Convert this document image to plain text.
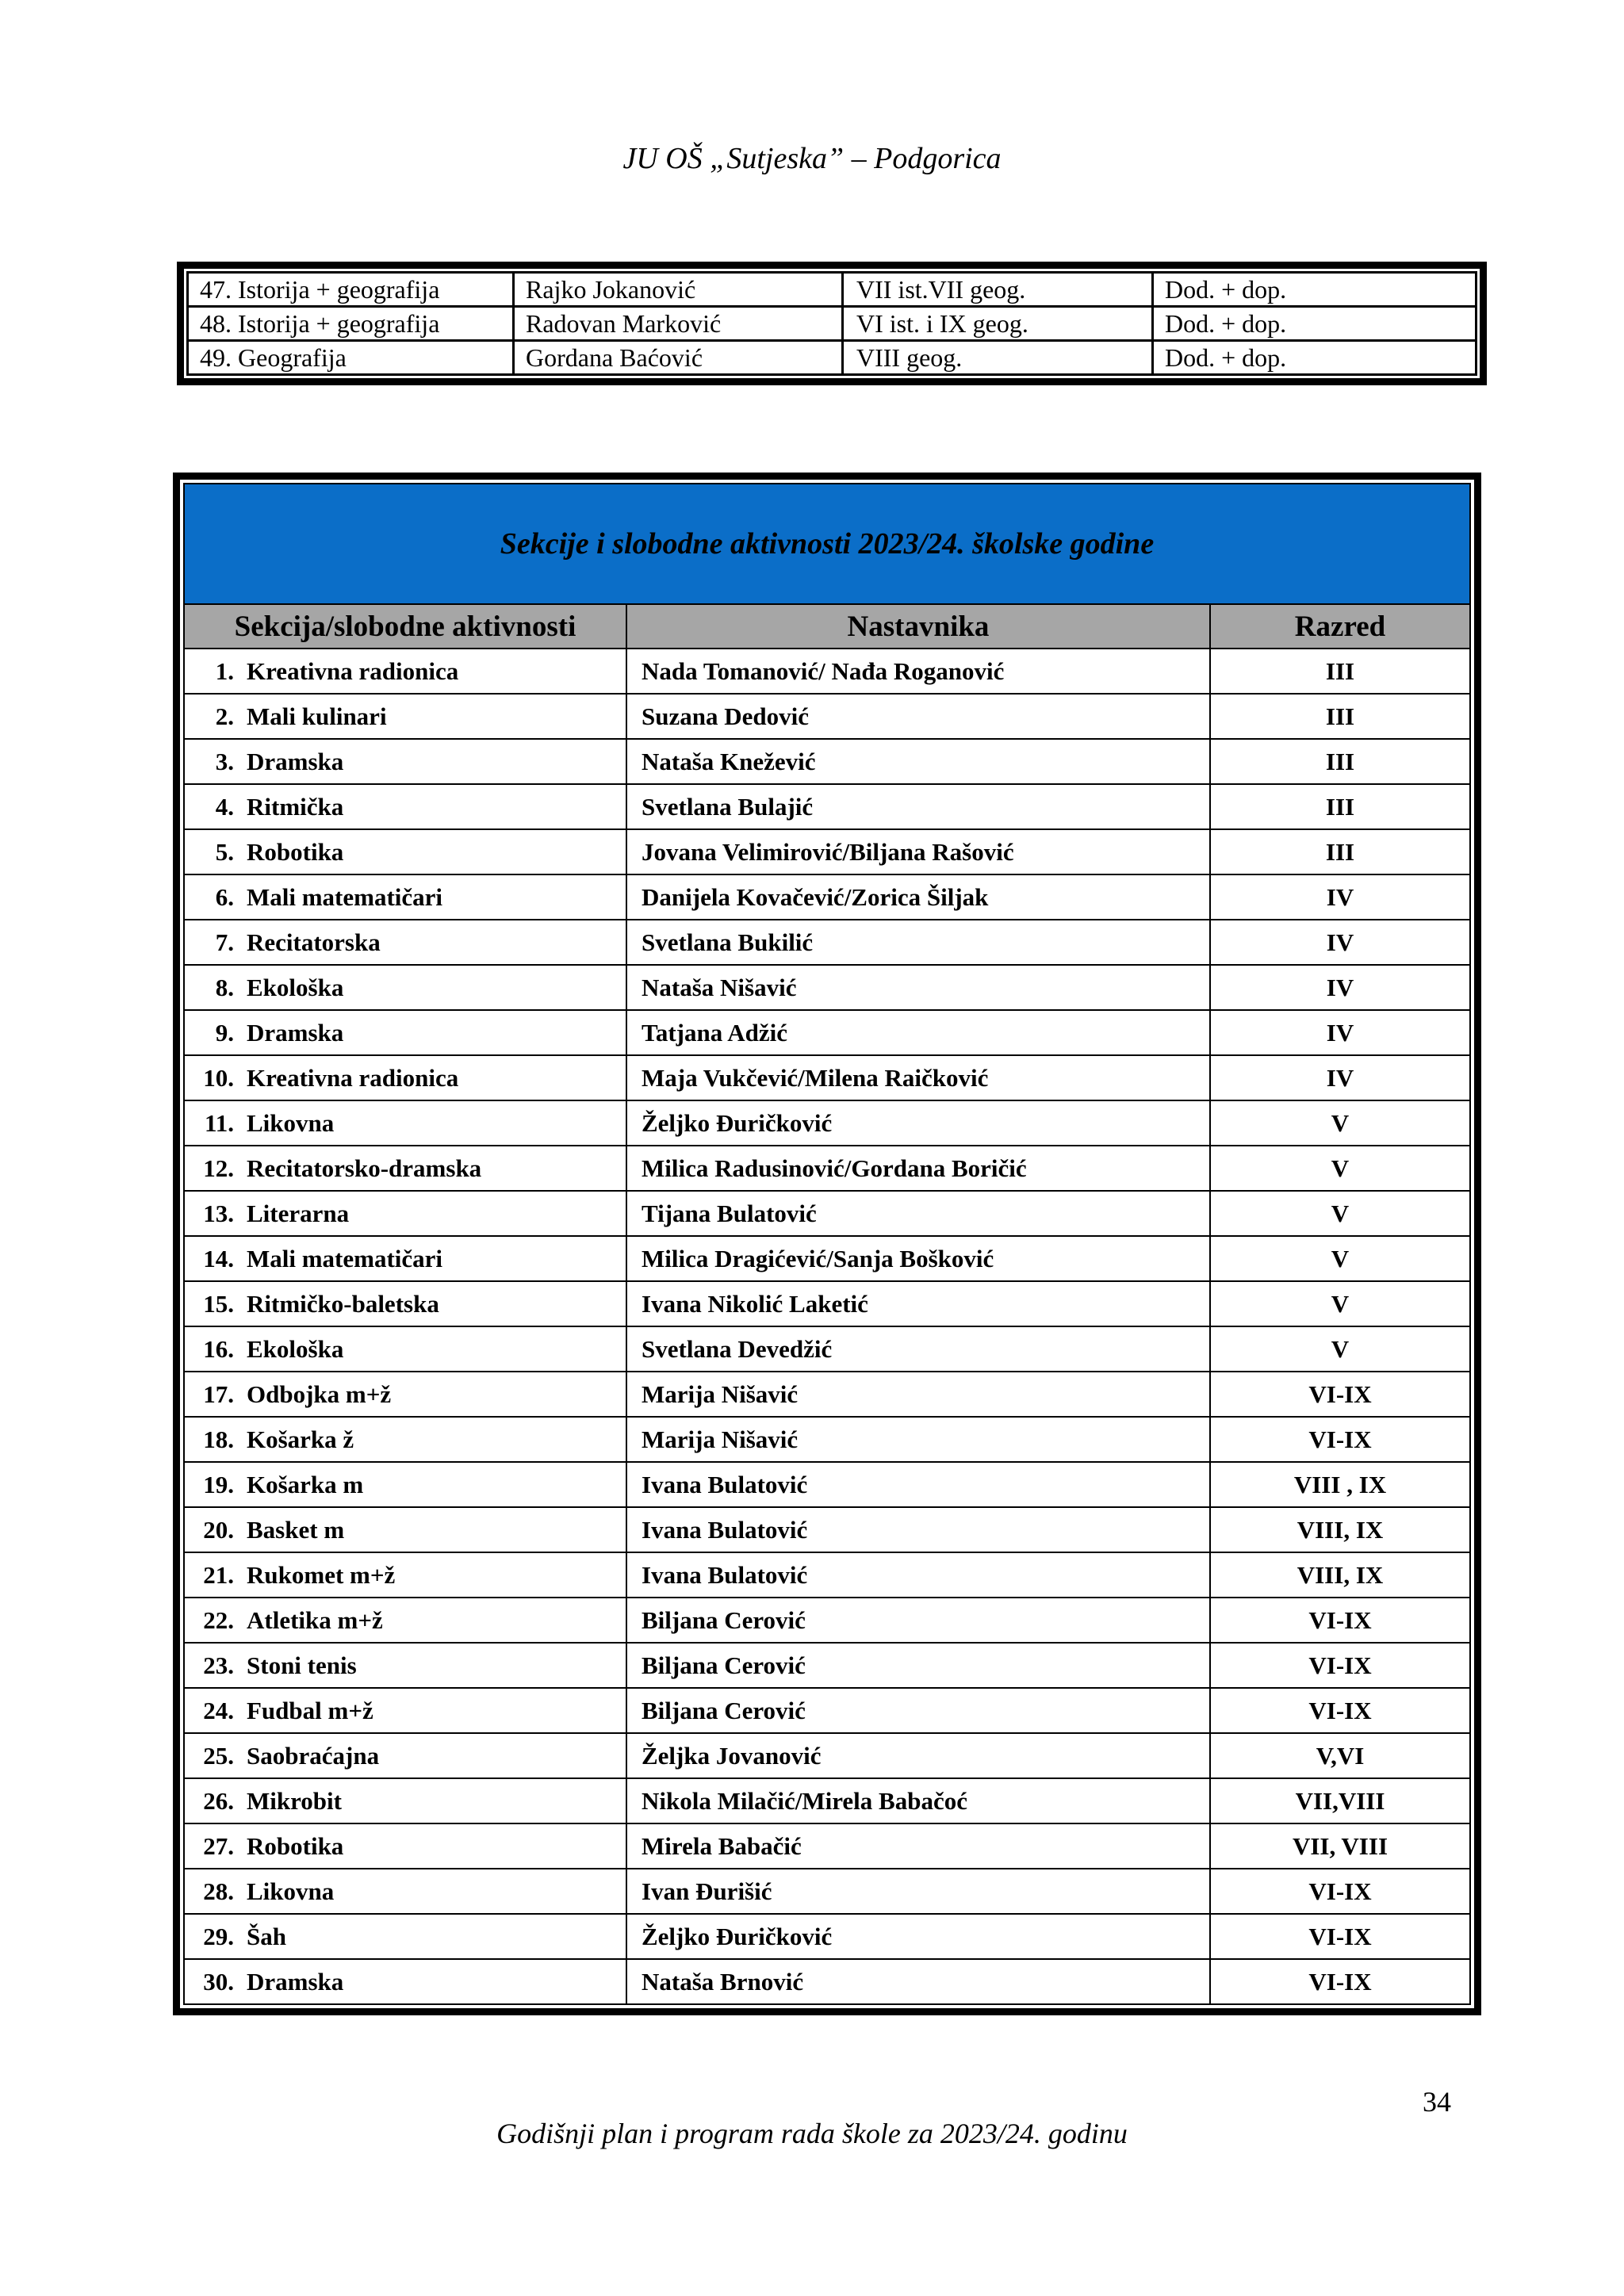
JU OŠ „Sutjeska” – Podgorica
47. Istorija + geografija	Rajko Jokanović	VII ist.VII geog.	Dod. + dop.
48. Istorija + geografija	Radovan Marković	VI ist. i IX geog.	Dod. + dop.
49. Geografija	Gordana Baćović	VIII geog.	Dod. + dop.
Sekcije i slobodne aktivnosti 2023/24. školske godine		
Sekcija/slobodne aktivnosti	Nastavnika	Razred
1. Kreativna radionica	Nada Tomanović/ Nađa Roganović	III
2. Mali kulinari	Suzana Dedović	III
3. Dramska	Nataša Knežević	III
4. Ritmička	Svetlana Bulajić	III
5. Robotika	Jovana Velimirović/Biljana Rašović	III
6. Mali matematičari	Danijela Kovačević/Zorica Šiljak	IV
7. Recitatorska	Svetlana Bukilić	IV
8. Ekološka	Nataša Nišavić	IV
9. Dramska	Tatjana Adžić	IV
10. Kreativna radionica	Maja Vukčević/Milena Raičković	IV
11. Likovna	Željko Đuričković	V
12. Recitatorsko-dramska	Milica Radusinović/Gordana Boričić	V
13. Literarna	Tijana Bulatović	V
14. Mali matematičari	Milica Dragićević/Sanja Bošković	V
15. Ritmičko-baletska	Ivana Nikolić Laketić	V
16. Ekološka	Svetlana Devedžić	V
17. Odbojka m+ž	Marija Nišavić	VI-IX
18. Košarka ž	Marija Nišavić	VI-IX
19. Košarka m	Ivana Bulatović	VIII , IX
20. Basket m	Ivana Bulatović	VIII, IX
21. Rukomet m+ž	Ivana Bulatović	VIII, IX
22. Atletika m+ž	Biljana Cerović	VI-IX
23. Stoni tenis	Biljana Cerović	VI-IX
24. Fudbal m+ž	Biljana Cerović	VI-IX
25. Saobraćajna	Željka Jovanović	V,VI
26. Mikrobit	Nikola Milačić/Mirela Babačoć	VII,VIII
27. Robotika	Mirela Babačić	VII, VIII
28. Likovna	Ivan Đurišić	VI-IX
29. Šah	Željko Đuričković	VI-IX
30. Dramska	Nataša Brnović	VI-IX
34
Godišnji plan i program rada škole za 2023/24. godinu
